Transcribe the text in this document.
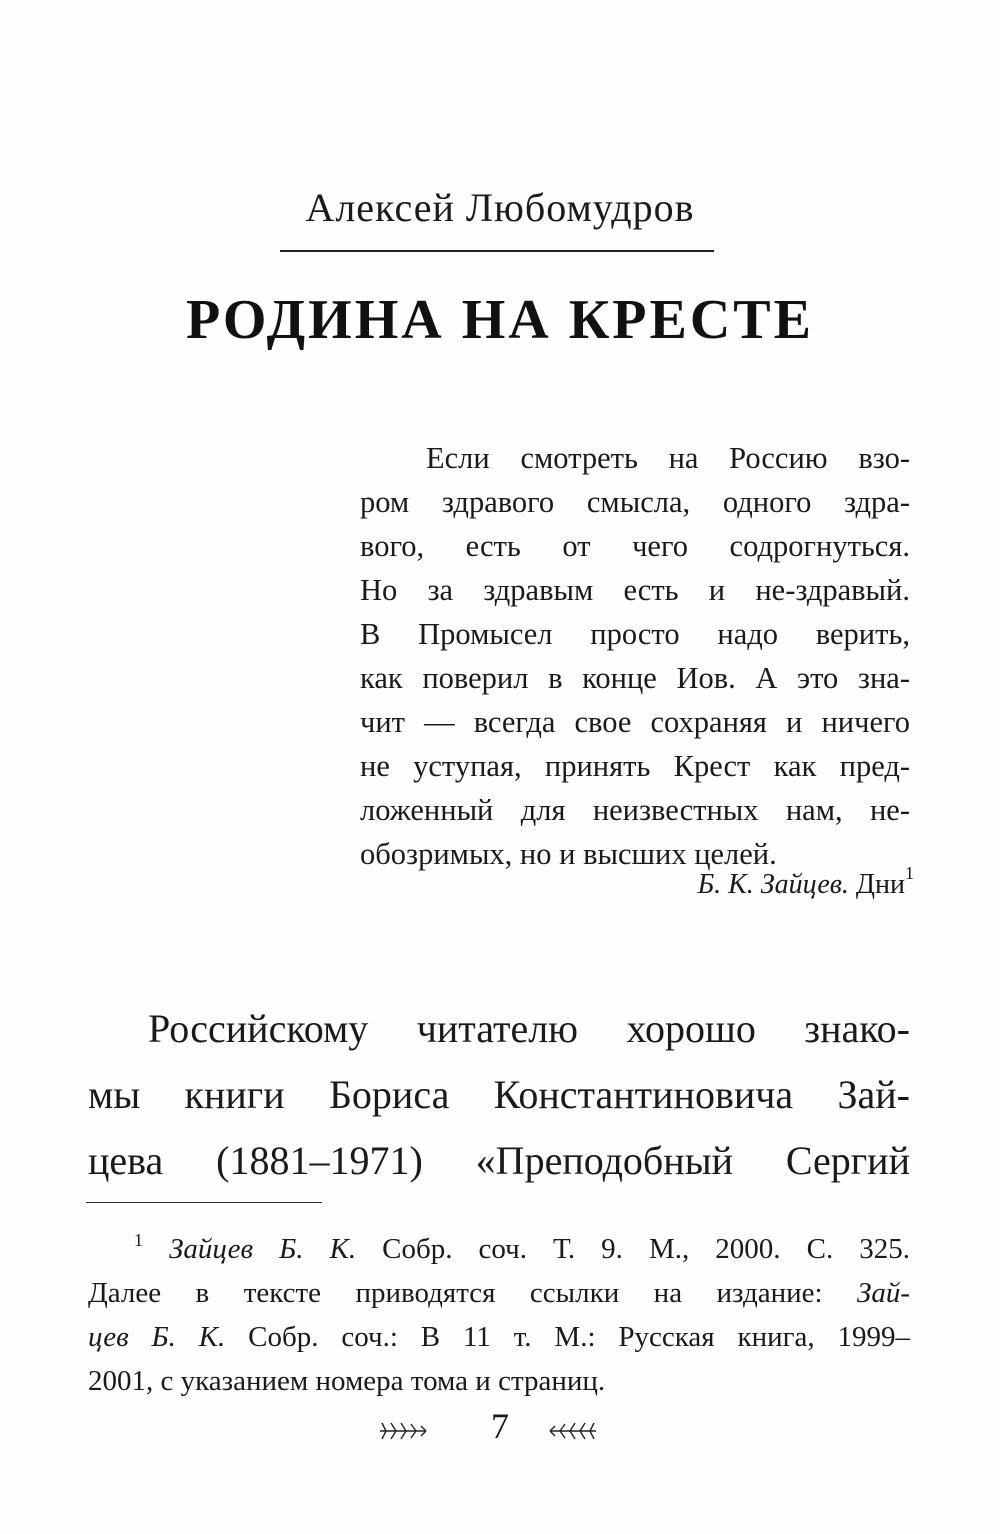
Алексей Любомудров
РОДИНА НА КРЕСТЕ
Если смотреть на Россию взо-
ром здравого смысла, одного здра-
вого, есть от чего содрогнуться.
Но за здравым есть и не-здравый.
В Промысел просто надо верить,
как поверил в конце Иов. А это зна-
чит — всегда свое сохраняя и ничего
не уступая, принять Крест как пред-
ложенный для неизвестных нам, не-
обозримых, но и высших целей.
Б. К. Зайцев. Дни$^1$
Российскому читателю хорошо знако-
мы книги Бориса Константиновича Зай-
цева (1881–1971) «Преподобный Сергий
$^1$ Зайцев Б. К. Собр. соч. Т. 9. М., 2000. С. 325.
Далее в тексте приводятся ссылки на издание: Зай-
цев Б. К. Собр. соч.: В 11 т. М.: Русская книга, 1999–
2001, с указанием номера тома и страниц.
7
